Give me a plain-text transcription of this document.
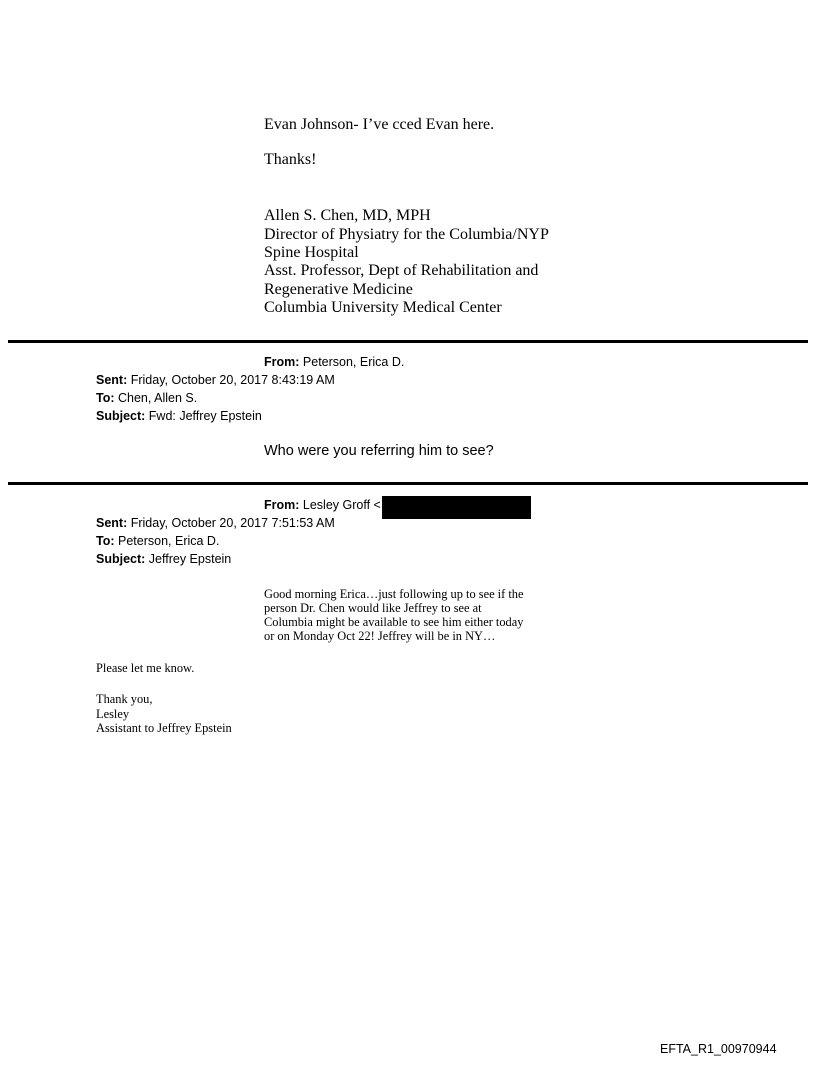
Evan Johnson- I’ve cced Evan here.
Thanks!
Allen S. Chen, MD, MPH
Director of Physiatry for the Columbia/NYP
Spine Hospital
Asst. Professor, Dept of Rehabilitation and
Regenerative Medicine
Columbia University Medical Center
From: Peterson, Erica D.
Sent: Friday, October 20, 2017 8:43:19 AM
To: Chen, Allen S.
Subject: Fwd: Jeffrey Epstein
Who were you referring him to see?
From: Lesley Groff <
Sent: Friday, October 20, 2017 7:51:53 AM
To: Peterson, Erica D.
Subject: Jeffrey Epstein
Good morning Erica…just following up to see if the
person Dr. Chen would like Jeffrey to see at
Columbia might be available to see him either today
or on Monday Oct 22! Jeffrey will be in NY…
Please let me know.
Thank you,
Lesley
Assistant to Jeffrey Epstein
EFTA_R1_00970944
